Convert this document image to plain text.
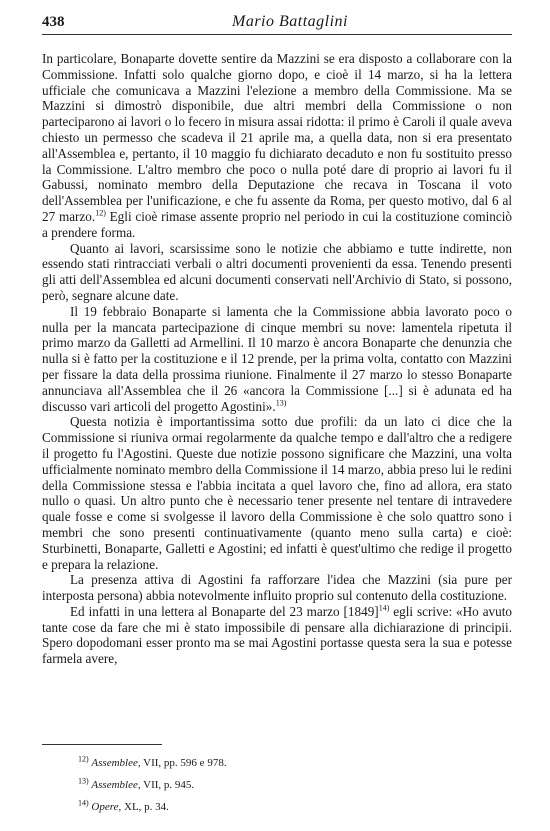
438	Mario Battaglini

In particolare, Bonaparte dovette sentire da Mazzini se era disposto a collaborare con la Commissione. Infatti solo qualche giorno dopo, e cioè il 14 marzo, si ha la lettera ufficiale che comunicava a Mazzini l'elezione a membro della Commissione. Ma se Mazzini si dimostrò disponibile, due altri membri della Commissione o non parteciparono ai lavori o lo fecero in misura assai ridotta: il primo è Caroli il quale aveva chiesto un permesso che scadeva il 21 aprile ma, a quella data, non si era presentato all'Assemblea e, pertanto, il 10 maggio fu dichiarato decaduto e non fu sostituito presso la Commissione. L'altro membro che poco o nulla poté dare di proprio ai lavori fu il Gabussi, nominato membro della Deputazione che recava in Toscana il voto dell'Assemblea per l'unificazione, e che fu assente da Roma, per questo motivo, dal 6 al 27 marzo.$^{12)}$ Egli cioè rimase assente proprio nel periodo in cui la costituzione cominciò a prendere forma.

Quanto ai lavori, scarsissime sono le notizie che abbiamo e tutte indirette, non essendo stati rintracciati verbali o altri documenti provenienti da essa. Tenendo presenti gli atti dell'Assemblea ed alcuni documenti conservati nell'Archivio di Stato, si possono, però, segnare alcune date.

Il 19 febbraio Bonaparte si lamenta che la Commissione abbia lavorato poco o nulla per la mancata partecipazione di cinque membri su nove: lamentela ripetuta il primo marzo da Galletti ad Armellini. Il 10 marzo è ancora Bonaparte che denunzia che nulla si è fatto per la costituzione e il 12 prende, per la prima volta, contatto con Mazzini per fissare la data della prossima riunione. Finalmente il 27 marzo lo stesso Bonaparte annunciava all'Assemblea che il 26 «ancora la Commissione [...] si è adunata ed ha discusso vari articoli del progetto Agostini».$^{13)}$

Questa notizia è importantissima sotto due profili: da un lato ci dice che la Commissione si riuniva ormai regolarmente da qualche tempo e dall'altro che a redigere il progetto fu l'Agostini. Queste due notizie possono significare che Mazzini, una volta ufficialmente nominato membro della Commissione il 14 marzo, abbia preso lui le redini della Commissione stessa e l'abbia incitata a quel lavoro che, fino ad allora, era stato nullo o quasi. Un altro punto che è necessario tener presente nel tentare di intravedere quale fosse e come si svolgesse il lavoro della Commissione è che solo quattro sono i membri che sono presenti continuativamente (quanto meno sulla carta) e cioè: Sturbinetti, Bonaparte, Galletti e Agostini; ed infatti è quest'ultimo che redige il progetto e prepara la relazione.

La presenza attiva di Agostini fa rafforzare l'idea che Mazzini (sia pure per interposta persona) abbia notevolmente influito proprio sul contenuto della costituzione.

Ed infatti in una lettera al Bonaparte del 23 marzo $[1849]^{14)}$ egli scrive: «Ho avuto tante cose da fare che mi è stato impossibile di pensare alla dichiarazione di principii. Spero dopodomani esser pronto ma se mai Agostini portasse questa sera la sua e potesse farmela avere,

$^{12)}$ Assemblee, VII, pp. 596 e 978.
$^{13)}$ Assemblee, VII, p. 945.
$^{14)}$ Opere, XL, p. 34.
